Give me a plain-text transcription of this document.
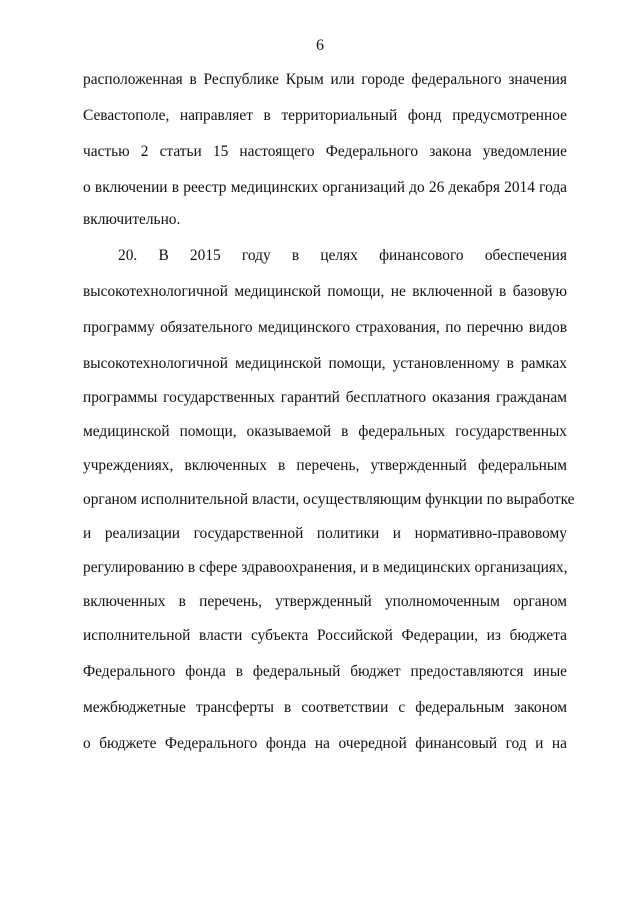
6
расположенная в Республике Крым или городе федерального значения
Севастополе, направляет в территориальный фонд предусмотренное
частью 2 статьи 15 настоящего Федерального закона уведомление
о включении в реестр медицинских организаций до 26 декабря 2014 года
включительно.
20. В 2015 году в целях финансового обеспечения
высокотехнологичной медицинской помощи, не включенной в базовую
программу обязательного медицинского страхования, по перечню видов
высокотехнологичной медицинской помощи, установленному в рамках
программы государственных гарантий бесплатного оказания гражданам
медицинской помощи, оказываемой в федеральных государственных
учреждениях, включенных в перечень, утвержденный федеральным
органом исполнительной власти, осуществляющим функции по выработке
и реализации государственной политики и нормативно-правовому
регулированию в сфере здравоохранения, и в медицинских организациях,
включенных в перечень, утвержденный уполномоченным органом
исполнительной власти субъекта Российской Федерации, из бюджета
Федерального фонда в федеральный бюджет предоставляются иные
межбюджетные трансферты в соответствии с федеральным законом
о бюджете Федерального фонда на очередной финансовый год и на
